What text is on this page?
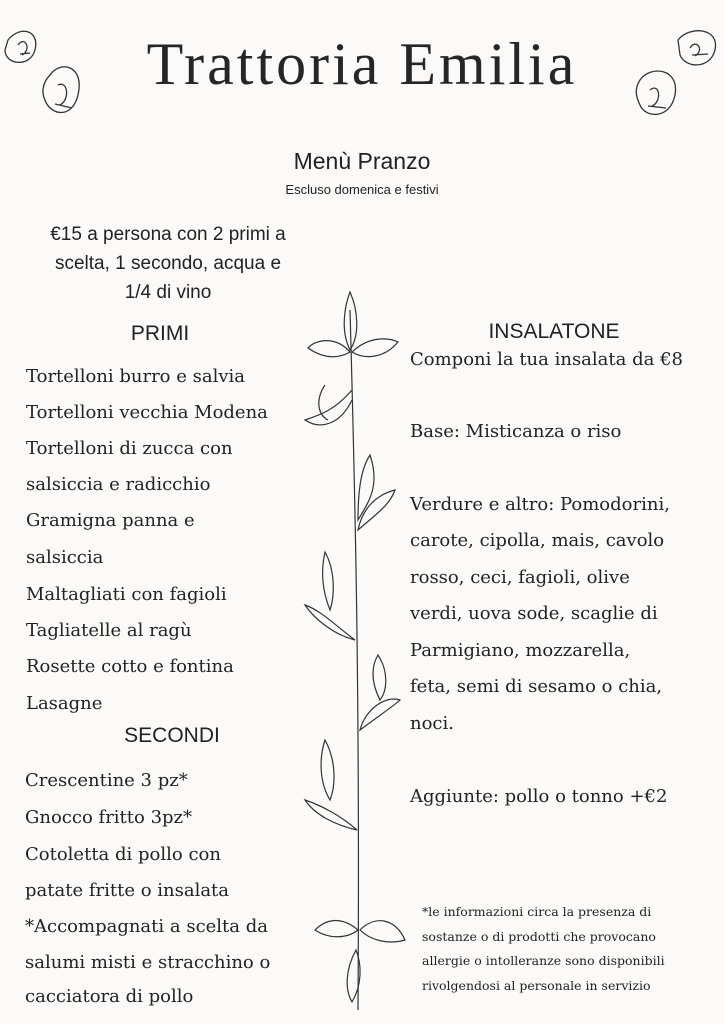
Trattoria Emilia
Menù Pranzo
Escluso domenica e festivi
€15 a persona con 2 primi a
scelta, 1 secondo, acqua e
1/4 di vino
PRIMI
Tortelloni burro e salvia
Tortelloni vecchia Modena
Tortelloni di zucca con
salsiccia e radicchio
Gramigna panna e
salsiccia
Maltagliati con fagioli
Tagliatelle al ragù
Rosette cotto e fontina
Lasagne
SECONDI
Crescentine 3 pz*
Gnocco fritto 3pz*
Cotoletta di pollo con
patate fritte o insalata
*Accompagnati a scelta da
salumi misti e stracchino o
cacciatora di pollo
INSALATONE
Componi la tua insalata da €8
Base: Misticanza o riso
Verdure e altro: Pomodorini,
carote, cipolla, mais, cavolo
rosso, ceci, fagioli, olive
verdi, uova sode, scaglie di
Parmigiano, mozzarella,
feta, semi di sesamo o chia,
noci.
Aggiunte: pollo o tonno +€2
*le informazioni circa la presenza di
sostanze o di prodotti che provocano
allergie o intolleranze sono disponibili
rivolgendosi al personale in servizio
